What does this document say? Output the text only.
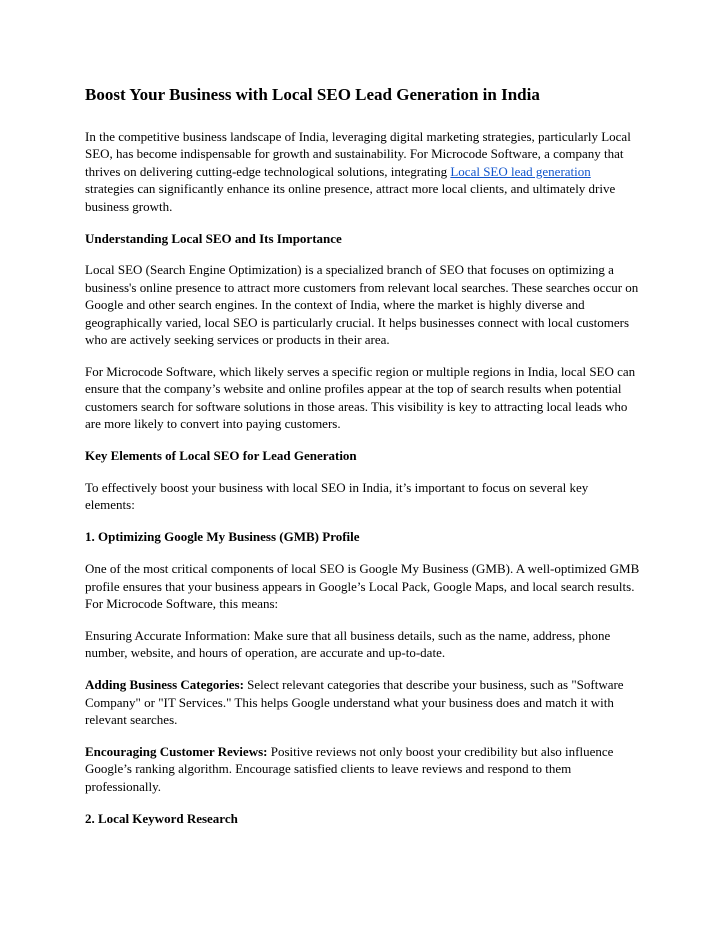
Boost Your Business with Local SEO Lead Generation in India

In the competitive business landscape of India, leveraging digital marketing strategies, particularly Local SEO, has become indispensable for growth and sustainability. For Microcode Software, a company that thrives on delivering cutting-edge technological solutions, integrating Local SEO lead generation strategies can significantly enhance its online presence, attract more local clients, and ultimately drive business growth.

Understanding Local SEO and Its Importance

Local SEO (Search Engine Optimization) is a specialized branch of SEO that focuses on optimizing a business's online presence to attract more customers from relevant local searches. These searches occur on Google and other search engines. In the context of India, where the market is highly diverse and geographically varied, local SEO is particularly crucial. It helps businesses connect with local customers who are actively seeking services or products in their area.

For Microcode Software, which likely serves a specific region or multiple regions in India, local SEO can ensure that the company’s website and online profiles appear at the top of search results when potential customers search for software solutions in those areas. This visibility is key to attracting local leads who are more likely to convert into paying customers.

Key Elements of Local SEO for Lead Generation

To effectively boost your business with local SEO in India, it’s important to focus on several key elements:

1. Optimizing Google My Business (GMB) Profile

One of the most critical components of local SEO is Google My Business (GMB). A well-optimized GMB profile ensures that your business appears in Google’s Local Pack, Google Maps, and local search results. For Microcode Software, this means:

Ensuring Accurate Information: Make sure that all business details, such as the name, address, phone number, website, and hours of operation, are accurate and up-to-date.

Adding Business Categories: Select relevant categories that describe your business, such as "Software Company" or "IT Services." This helps Google understand what your business does and match it with relevant searches.

Encouraging Customer Reviews: Positive reviews not only boost your credibility but also influence Google’s ranking algorithm. Encourage satisfied clients to leave reviews and respond to them professionally.

2. Local Keyword Research
